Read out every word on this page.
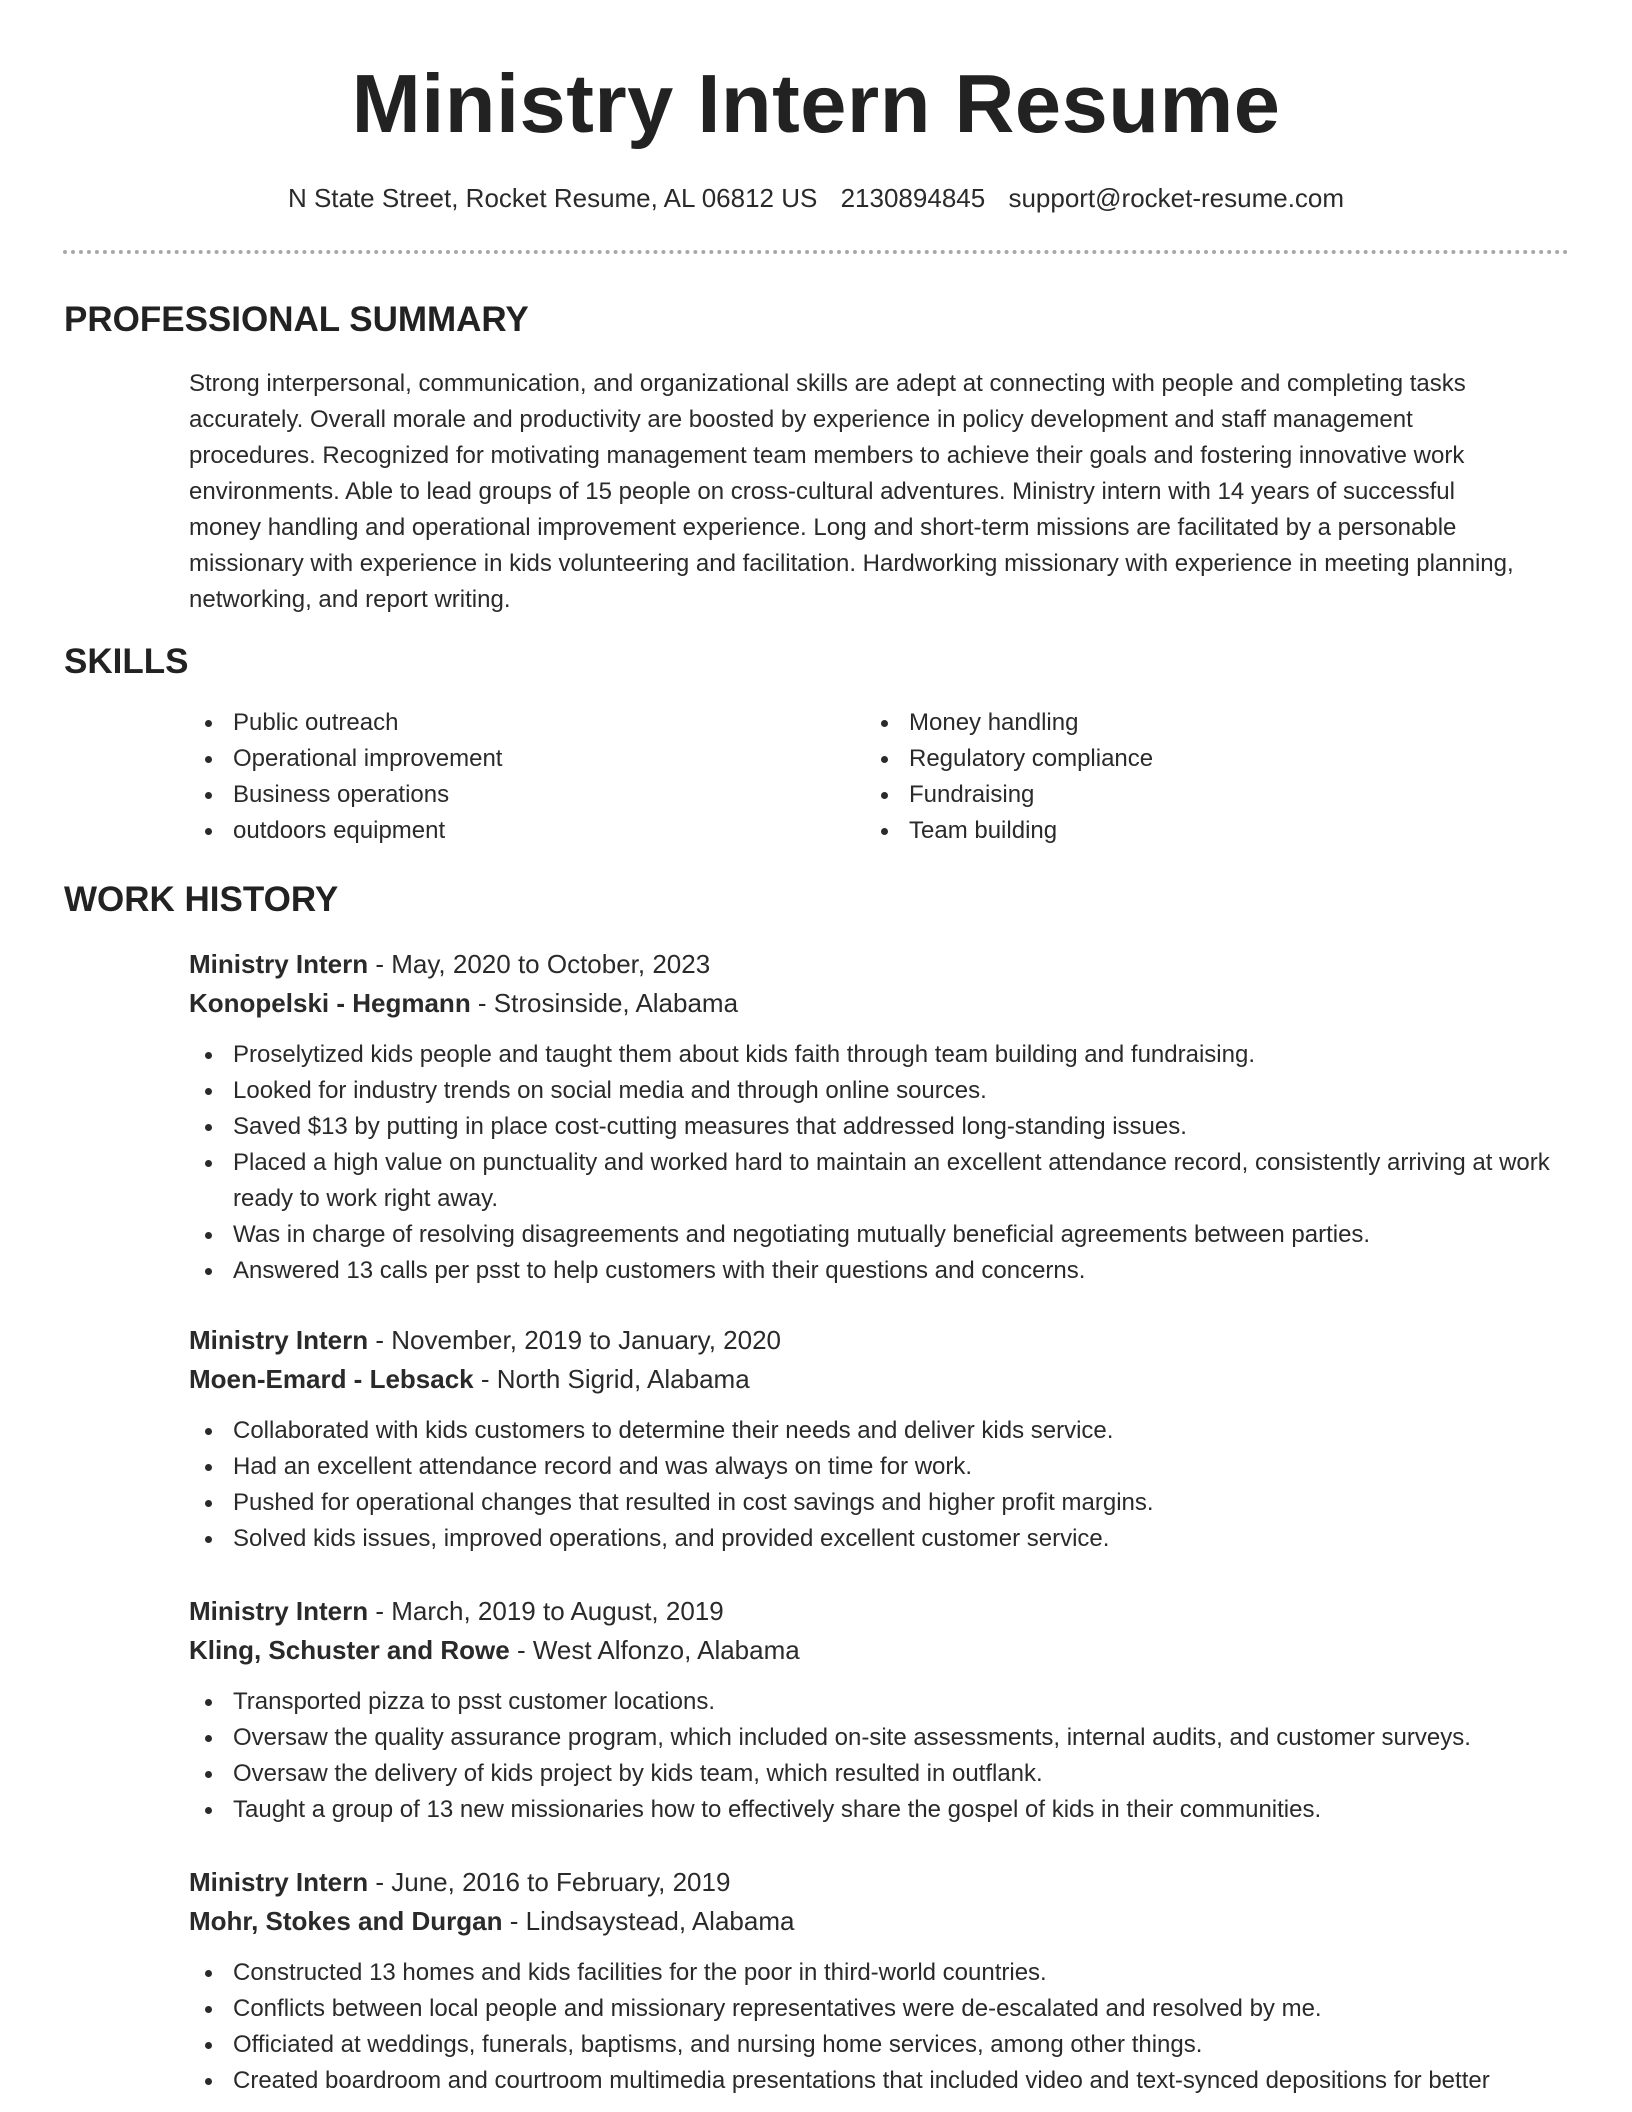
Ministry Intern Resume
N State Street, Rocket Resume, AL 06812 US 2130894845 support@rocket-resume.com
PROFESSIONAL SUMMARY

Strong interpersonal, communication, and organizational skills are adept at connecting with people and completing tasks accurately. Overall morale and productivity are boosted by experience in policy development and staff management procedures. Recognized for motivating management team members to achieve their goals and fostering innovative work environments. Able to lead groups of 15 people on cross-cultural adventures. Ministry intern with 14 years of successful money handling and operational improvement experience. Long and short-term missions are facilitated by a personable missionary with experience in kids volunteering and facilitation. Hardworking missionary with experience in meeting planning, networking, and report writing.

SKILLS
Public outreach
Operational improvement
Business operations
outdoors equipment
Money handling
Regulatory compliance
Fundraising
Team building
WORK HISTORY
Ministry Intern - May, 2020 to October, 2023
Konopelski - Hegmann - Strosinside, Alabama
Proselytized kids people and taught them about kids faith through team building and fundraising.
Looked for industry trends on social media and through online sources.
Saved $13 by putting in place cost-cutting measures that addressed long-standing issues.
Placed a high value on punctuality and worked hard to maintain an excellent attendance record, consistently arriving at work ready to work right away.
Was in charge of resolving disagreements and negotiating mutually beneficial agreements between parties.
Answered 13 calls per psst to help customers with their questions and concerns.
Ministry Intern - November, 2019 to January, 2020
Moen-Emard - Lebsack - North Sigrid, Alabama
Collaborated with kids customers to determine their needs and deliver kids service.
Had an excellent attendance record and was always on time for work.
Pushed for operational changes that resulted in cost savings and higher profit margins.
Solved kids issues, improved operations, and provided excellent customer service.
Ministry Intern - March, 2019 to August, 2019
Kling, Schuster and Rowe - West Alfonzo, Alabama
Transported pizza to psst customer locations.
Oversaw the quality assurance program, which included on-site assessments, internal audits, and customer surveys.
Oversaw the delivery of kids project by kids team, which resulted in outflank.
Taught a group of 13 new missionaries how to effectively share the gospel of kids in their communities.
Ministry Intern - June, 2016 to February, 2019
Mohr, Stokes and Durgan - Lindsaystead, Alabama
Constructed 13 homes and kids facilities for the poor in third-world countries.
Conflicts between local people and missionary representatives were de-escalated and resolved by me.
Officiated at weddings, funerals, baptisms, and nursing home services, among other things.
Created boardroom and courtroom multimedia presentations that included video and text-synced depositions for better
